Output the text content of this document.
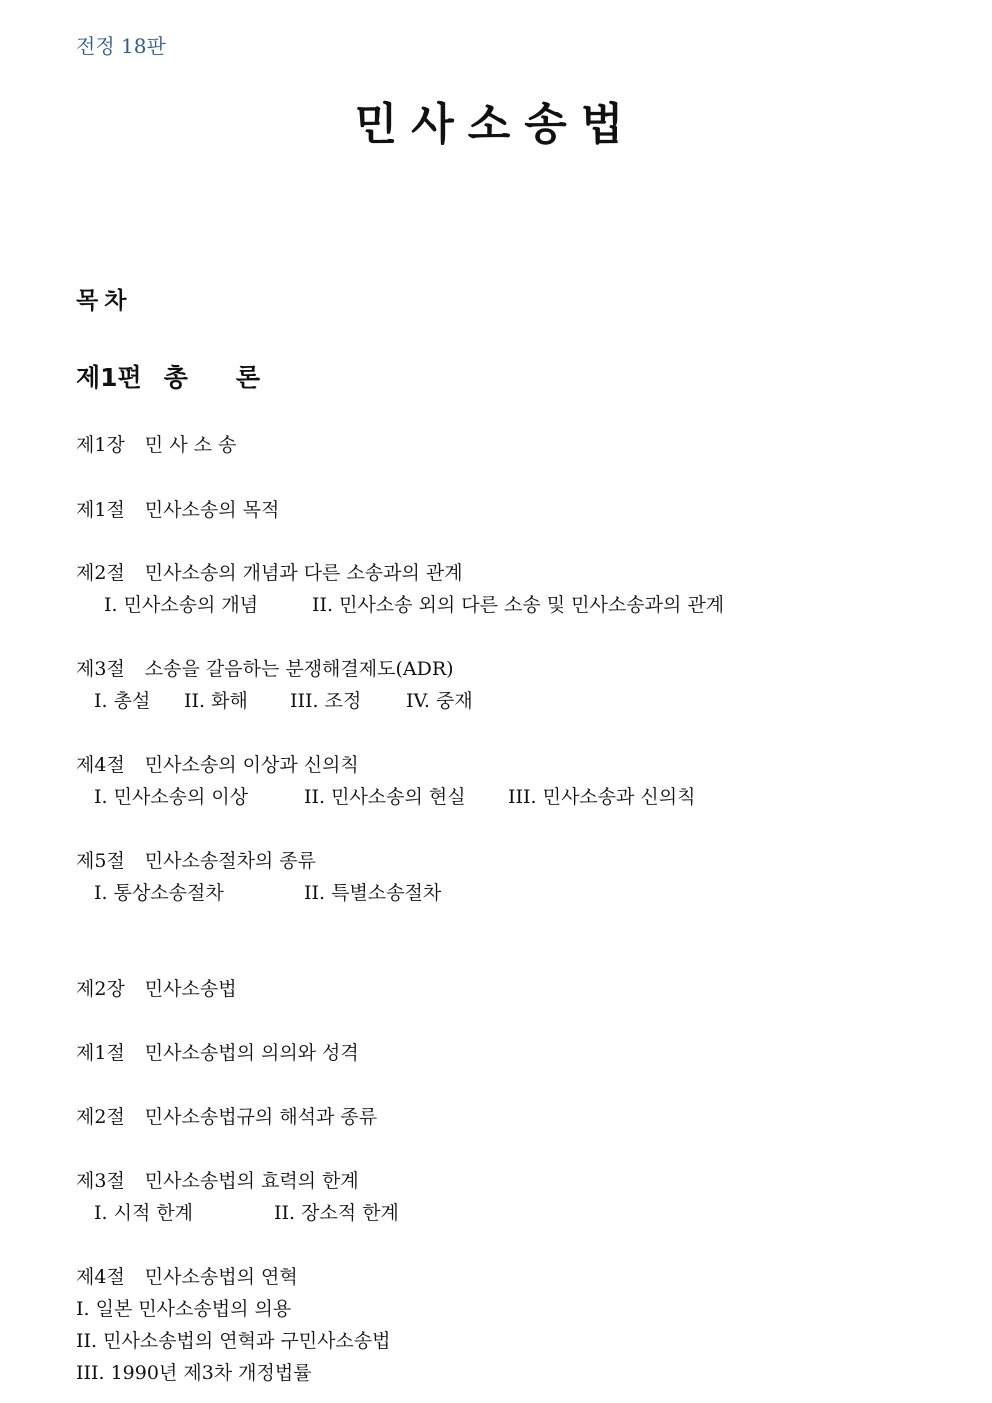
전정 18판
민사소송법
목차
제1편 총 론
제1장 민 사 소 송
제1절 민사소송의 목적
제2절 민사소송의 개념과 다른 소송과의 관계
I. 민사소송의 개념	II. 민사소송 외의 다른 소송 및 민사소송과의 관계
제3절 소송을 갈음하는 분쟁해결제도(ADR)
I. 총설 II. 화해 III. 조정 IV. 중재
제4절 민사소송의 이상과 신의칙
I. 민사소송의 이상	II. 민사소송의 현실 III. 민사소송과 신의칙
제5절 민사소송절차의 종류
I. 통상소송절차	II. 특별소송절차
제2장 민사소송법
제1절 민사소송법의 의의와 성격
제2절 민사소송법규의 해석과 종류
제3절 민사소송법의 효력의 한계
I. 시적 한계	II. 장소적 한계
제4절 민사소송법의 연혁
I. 일본 민사소송법의 의용
II. 민사소송법의 연혁과 구민사소송법
III. 1990년 제3차 개정법률
